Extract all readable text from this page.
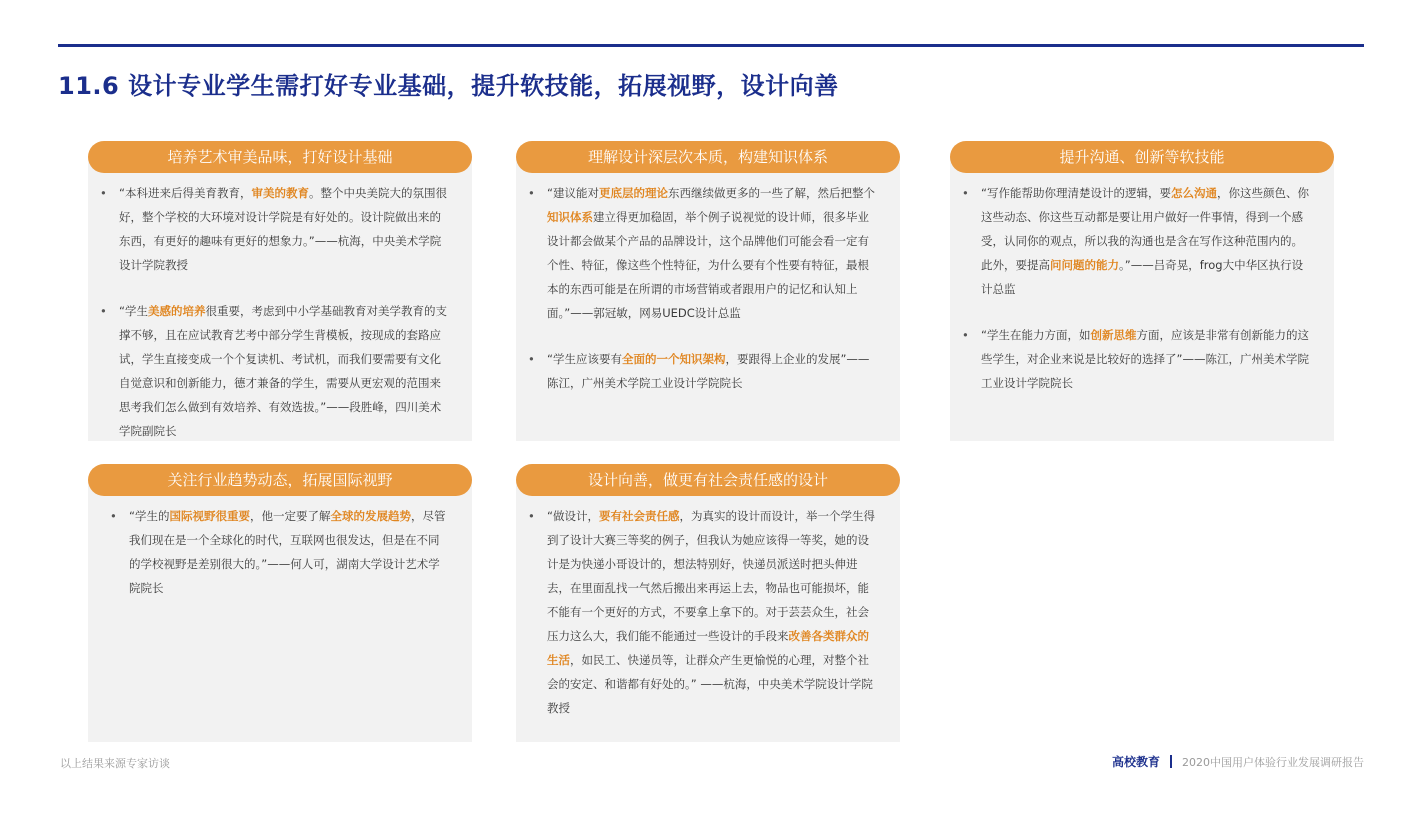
11.6 设计专业学生需打好专业基础，提升软技能，拓展视野，设计向善
培养艺术审美品味，打好设计基础
• “本科进来后得美育教育，审美的教育。整个中央美院大的氛围很好，整个学校的大环境对设计学院是有好处的。设计院做出来的东西，有更好的趣味有更好的想象力。”——杭海，中央美术学院设计学院教授
• “学生美感的培养很重要，考虑到中小学基础教育对美学教育的支撑不够，且在应试教育艺考中部分学生背模板，按现成的套路应试，学生直接变成一个个复读机、考试机，而我们要需要有文化自觉意识和创新能力，德才兼备的学生，需要从更宏观的范围来思考我们怎么做到有效培养、有效选拔。”——段胜峰，四川美术学院副院长
理解设计深层次本质，构建知识体系
• “建议能对更底层的理论东西继续做更多的一些了解，然后把整个知识体系建立得更加稳固，举个例子说视觉的设计师，很多毕业设计都会做某个产品的品牌设计，这个品牌他们可能会看一定有个性、特征，像这些个性特征，为什么要有个性要有特征，最根本的东西可能是在所谓的市场营销或者跟用户的记忆和认知上面。”——郭冠敏，网易UEDC设计总监
• “学生应该要有全面的一个知识架构，要跟得上企业的发展”——陈江，广州美术学院工业设计学院院长
提升沟通、创新等软技能
• “写作能帮助你理清楚设计的逻辑，要怎么沟通，你这些颜色、你这些动态、你这些互动都是要让用户做好一件事情，得到一个感受，认同你的观点，所以我的沟通也是含在写作这种范围内的。此外，要提高问问题的能力。”——吕奇晃，frog大中华区执行设计总监
• “学生在能力方面，如创新思维方面，应该是非常有创新能力的这些学生，对企业来说是比较好的选择了”——陈江，广州美术学院工业设计学院院长
关注行业趋势动态，拓展国际视野
• “学生的国际视野很重要，他一定要了解全球的发展趋势，尽管我们现在是一个全球化的时代，互联网也很发达，但是在不同的学校视野是差别很大的。”——何人可，湖南大学设计艺术学院院长
设计向善，做更有社会责任感的设计
• “做设计，要有社会责任感，为真实的设计而设计，举一个学生得到了设计大赛三等奖的例子，但我认为她应该得一等奖，她的设计是为快递小哥设计的，想法特别好，快递员派送时把头伸进去，在里面乱找一气然后搬出来再运上去，物品也可能损坏，能不能有一个更好的方式，不要拿上拿下的。对于芸芸众生，社会压力这么大，我们能不能通过一些设计的手段来改善各类群众的生活，如民工、快递员等，让群众产生更愉悦的心理，对整个社会的安定、和谐都有好处的。” ——杭海，中央美术学院设计学院教授
以上结果来源专家访谈	高校教育 2020中国用户体验行业发展调研报告
